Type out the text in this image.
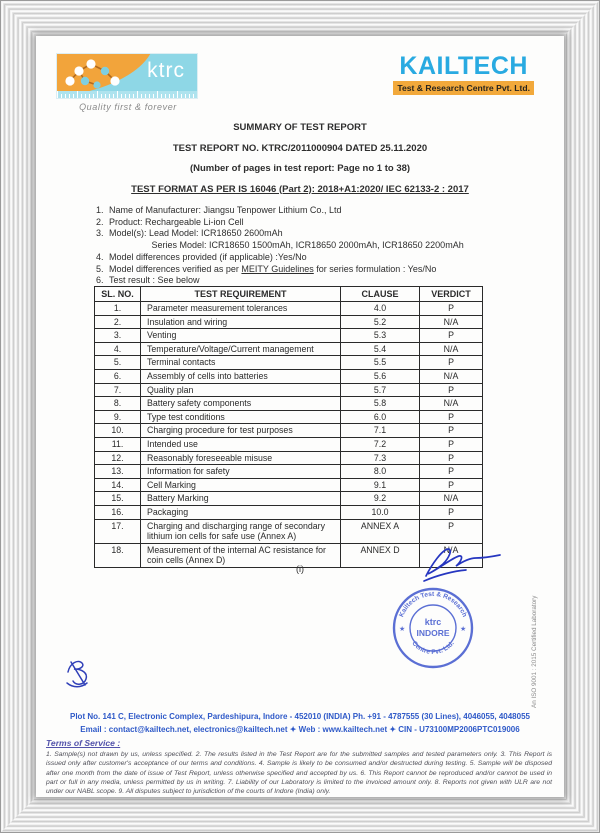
ktrc
Quality first & forever
KAILTECH
Test & Research Centre Pvt. Ltd.

SUMMARY OF TEST REPORT

TEST REPORT NO. KTRC/2011000904 DATED 25.11.2020

(Number of pages in test report: Page no 1 to 38)

TEST FORMAT AS PER IS 16046 (Part 2): 2018+A1:2020/ IEC 62133-2 : 2017

1. Name of Manufacturer: Jiangsu Tenpower Lithium Co., Ltd
2. Product: Rechargeable Li-ion Cell
3. Model(s): Lead Model: ICR18650 2600mAh
Series Model: ICR18650 1500mAh, ICR18650 2000mAh, ICR18650 2200mAh
4. Model differences provided (if applicable) :Yes/No
5. Model differences verified as per MEITY Guidelines for series formulation : Yes/No
6. Test result : See below
SL. NO.	TEST REQUIREMENT	CLAUSE	VERDICT
1.	Parameter measurement tolerances	4.0	P
2.	Insulation and wiring	5.2	N/A
3.	Venting	5.3	P
4.	Temperature/Voltage/Current management	5.4	N/A
5.	Terminal contacts	5.5	P
6.	Assembly of cells into batteries	5.6	N/A
7.	Quality plan	5.7	P
8.	Battery safety components	5.8	N/A
9.	Type test conditions	6.0	P
10.	Charging procedure for test purposes	7.1	P
11.	Intended use	7.2	P
12.	Reasonably foreseeable misuse	7.3	P
13.	Information for safety	8.0	P
14.	Cell Marking	9.1	P
15.	Battery Marking	9.2	N/A
16.	Packaging	10.0	P
17.	Charging and discharging range of secondary lithium ion cells for safe use (Annex A)	ANNEX A	P
18.	Measurement of the internal AC resistance for coin cells (Annex D)	ANNEX D	N/A
(i)
Kailtech Test & Research
Centre Pvt. Ltd.
★	★
ktrc
INDORE	An ISO 9001 : 2015 Certified Laboratory
Plot No. 141 C, Electronic Complex, Pardeshipura, Indore - 452010 (INDIA) Ph. +91 - 4787555 (30 Lines), 4046055, 4048055
Email : contact@kailtech.net, electronics@kailtech.net ✦ Web : www.kailtech.net ✦ CIN - U73100MP2006PTC019006
Terms of Service :
1. Sample(s) not drawn by us, unless specified. 2. The results listed in the Test Report are for the submitted samples and tested parameters only. 3. This Report is issued only after customer's acceptance of our terms and conditions. 4. Sample is likely to be consumed and/or destructed during testing. 5. Sample will be disposed after one month from the date of issue of Test Report, unless otherwise specified and accepted by us. 6. This Report cannot be reproduced and/or cannot be used in part or full in any media, unless permitted by us in writing. 7. Liability of our Laboratory is limited to the invoiced amount only. 8. Reports not given with ULR are not under our NABL scope. 9. All disputes subject to jurisdiction of the courts of Indore (India) only.
